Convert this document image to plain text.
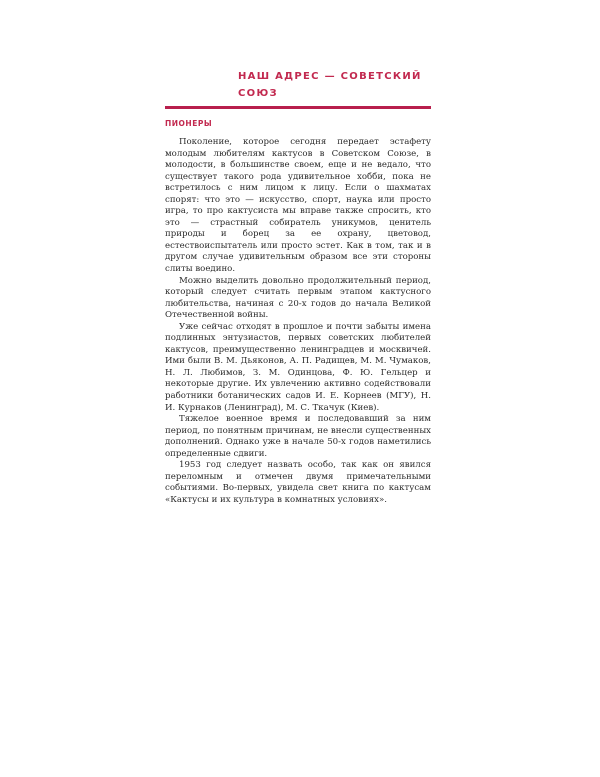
НАШ АДРЕС — СОВЕТСКИЙ
СОЮЗ
ПИОНЕРЫ

Поколение, которое сегодня передает эстафету молодым любителям кактусов в Советском Союзе, в молодости, в большинстве своем, еще и не ведало, что существует такого рода удивительное хобби, пока не встретилось с ним лицом к лицу. Если о шахматах спорят: что это — искусство, спорт, наука или просто игра, то про кактусиста мы вправе также спросить, кто это — страстный собиратель уникумов, ценитель природы и борец за ее охрану, цветовод, естествоиспытатель или просто эстет. Как в том, так и в другом случае удивительным образом все эти стороны слиты воедино.

Можно выделить довольно продолжительный период, который следует считать первым этапом кактусного любительства, начиная с 20-х годов до начала Великой Отечественной войны.

Уже сейчас отходят в прошлое и почти забыты имена подлинных энтузиастов, первых советских любителей кактусов, преимущественно ленинградцев и москвичей. Ими были В. М. Дьяконов, А. П. Радищев, М. М. Чумаков, Н. Л. Любимов, З. М. Одинцова, Ф. Ю. Гельцер и некоторые другие. Их увлечению активно содействовали работники ботанических садов И. Е. Корнеев (МГУ), Н. И. Курнаков (Ленинград), М. С. Ткачук (Киев).

Тяжелое военное время и последовавший за ним период, по понятным причинам, не внесли существенных дополнений. Однако уже в начале 50-х годов наметились определенные сдвиги.

1953 год следует назвать особо, так как он явился переломным и отмечен двумя примечательными событиями. Во-первых, увидела свет книга по кактусам «Кактусы и их культура в комнатных условиях».
